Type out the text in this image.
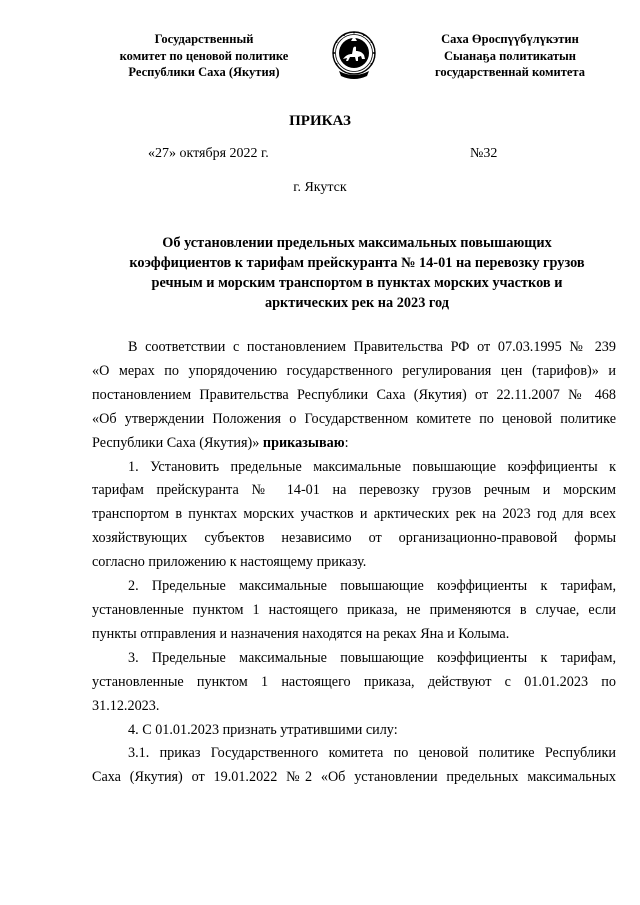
Государственный
комитет по ценовой политике
Республики Саха (Якутия)
Саха Өроспүүбүлүкэтин
Сыанаҕа политикатын
государственнай комитета
ПРИКАЗ
«27» октября 2022 г.	№32
г. Якутск
Об установлении предельных максимальных повышающих
коэффициентов к тарифам прейскуранта № 14-01 на перевозку грузов
речным и морским транспортом в пунктах морских участков и
арктических рек на 2023 год
В соответствии с постановлением Правительства РФ от 07.03.1995 № 239
«О мерах по упорядочению государственного регулирования цен (тарифов)» и
постановлением Правительства Республики Саха (Якутия) от 22.11.2007 № 468
«Об утверждении Положения о Государственном комитете по ценовой политике
Республики Саха (Якутия)» приказываю:
1. Установить предельные максимальные повышающие коэффициенты к
тарифам прейскуранта № 14-01 на перевозку грузов речным и морским
транспортом в пунктах морских участков и арктических рек на 2023 год для всех
хозяйствующих субъектов независимо от организационно-правовой формы
согласно приложению к настоящему приказу.
2. Предельные максимальные повышающие коэффициенты к тарифам,
установленные пунктом 1 настоящего приказа, не применяются в случае, если
пункты отправления и назначения находятся на реках Яна и Колыма.
3. Предельные максимальные повышающие коэффициенты к тарифам,
установленные пунктом 1 настоящего приказа, действуют с 01.01.2023 по
31.12.2023.
4. С 01.01.2023 признать утратившими силу:
3.1. приказ Государственного комитета по ценовой политике Республики
Саха (Якутия) от 19.01.2022 №2 «Об установлении предельных максимальных
